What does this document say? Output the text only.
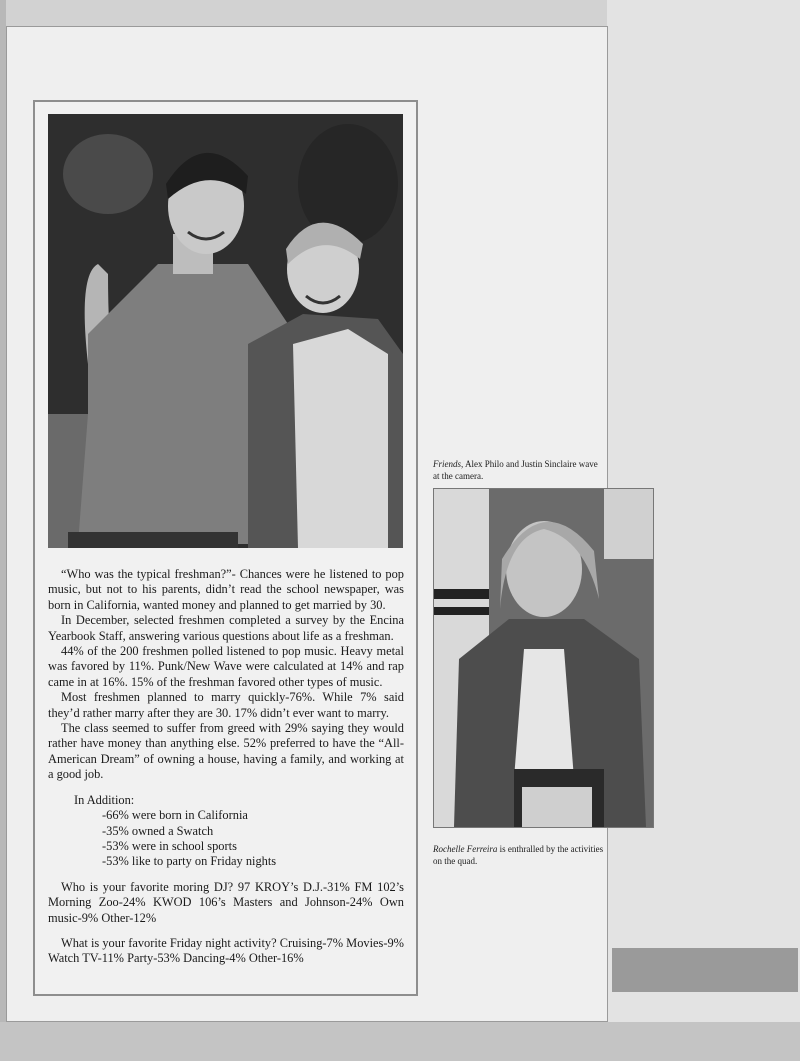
Friends, Alex Philo and Justin Sinclaire wave at the camera.

Rochelle Ferreira is enthralled by the activities on the quad.

“Who was the typical freshman?”- Chances were he listened to pop music, but not to his parents, didn’t read the school newspaper, was born in California, wanted money and planned to get married by 30.

In December, selected freshmen completed a survey by the Encina Yearbook Staff, answering various questions about life as a freshman.

44% of the 200 freshmen polled listened to pop music. Heavy metal was favored by 11%. Punk/New Wave were calculated at 14% and rap came in at 16%. 15% of the freshman favored other types of music.

Most freshmen planned to marry quickly-76%. While 7% said they’d rather marry after they are 30. 17% didn’t ever want to marry.

The class seemed to suffer from greed with 29% saying they would rather have money than anything else. 52% preferred to have the “All-American Dream” of owning a house, having a family, and working at a good job.

In Addition:

-66% were born in California
-35% owned a Swatch
-53% were in school sports
-53% like to party on Friday nights

Who is your favorite moring DJ? 97 KROY’s D.J.-31% FM 102’s Morning Zoo-24% KWOD 106’s Masters and Johnson-24% Own music-9% Other-12%

What is your favorite Friday night activity? Cruising-7% Movies-9% Watch TV-11% Party-53% Dancing-4% Other-16%
